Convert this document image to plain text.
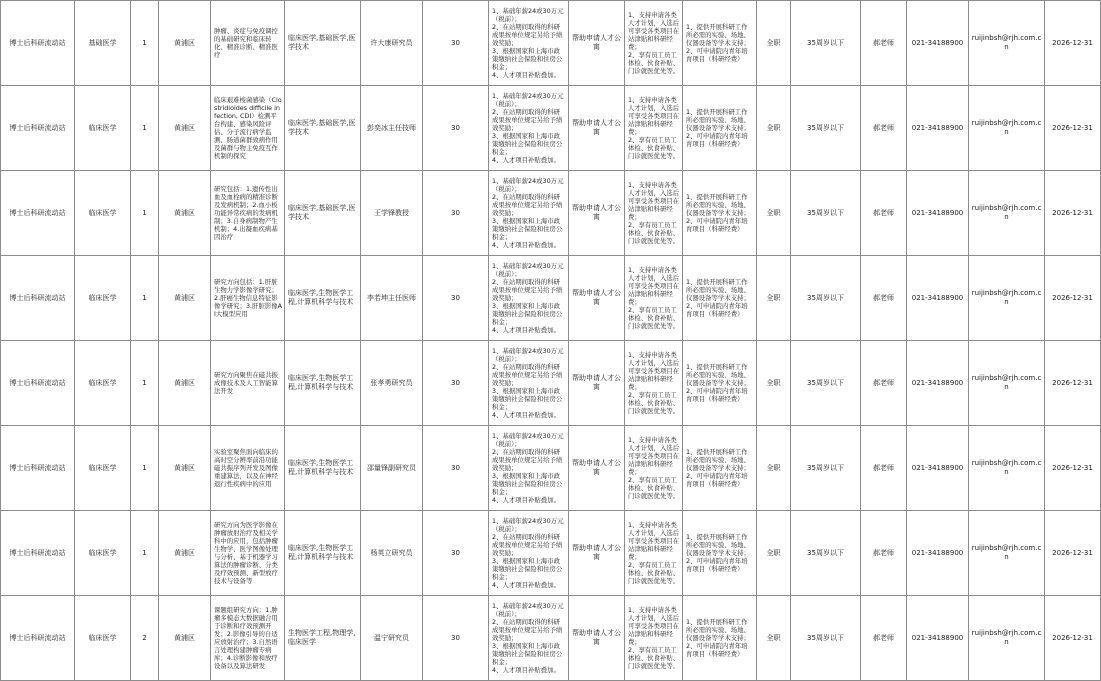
博士后科研流动站	基础医学	1	黄浦区	肿瘤、炎症与免疫调控的基础研究和临床转化、精准诊断、精准医疗	临床医学,基础医学,医学技术	许大康研究员	30	1、基础年薪24或30万元（税前）；
2、在站期间取得的科研成果按单位规定另给予绩效奖励；
3、根据国家和上海市政策缴纳社会保险和住房公积金；
4、人才项目补贴叠加。	帮助申请人才公寓	1、支持申请各类人才计划，入选后可享受各类项目在站津贴和科研经费；
2、享有员工员工体检、伙食补贴、门诊就医优先等。	1、提供开展科研工作所必需的实验、场地、仪器设备等学术支持；
2、可申请院内青年培育项目（科研经费）	全职	35周岁以下	郝老师	021-34188900	ruijinbsh@rjh.com.cn	2026-12-31

博士后科研流动站	临床医学	1	黄浦区	临床艰难梭菌感染（Clostridioides difficile infection, CDI）检测平台构建、感染风险评估、分子流行病学监测、肠道菌群致病作用及菌群与物主免疫互作机制的探究	临床医学,基础医学,医学技术	彭奕冰主任技师	30	1、基础年薪24或30万元（税前）；
2、在站期间取得的科研成果按单位规定另给予绩效奖励；
3、根据国家和上海市政策缴纳社会保险和住房公积金；
4、人才项目补贴叠加。	帮助申请人才公寓	1、支持申请各类人才计划，入选后可享受各类项目在站津贴和科研经费；
2、享有员工员工体检、伙食补贴、门诊就医优先等。	1、提供开展科研工作所必需的实验、场地、仪器设备等学术支持；
2、可申请院内青年培育项目（科研经费）	全职	35周岁以下	郝老师	021-34188900	ruijinbsh@rjh.com.cn	2026-12-31

博士后科研流动站	临床医学	1	黄浦区	研究包括：1.遗传性出血及血栓病的精准诊断及发病机制；2.血小板功能异常疾病的发病机制；3.自身病制物产生机制；4.出凝血疾病基因治疗	临床医学,基础医学,医学技术	王学锋教授	30	1、基础年薪24或30万元（税前）；
2、在站期间取得的科研成果按单位规定另给予绩效奖励；
3、根据国家和上海市政策缴纳社会保险和住房公积金；
4、人才项目补贴叠加。	帮助申请人才公寓	1、支持申请各类人才计划，入选后可享受各类项目在站津贴和科研经费；
2、享有员工员工体检、伙食补贴、门诊就医优先等。	1、提供开展科研工作所必需的实验、场地、仪器设备等学术支持；
2、可申请院内青年培育项目（科研经费）	全职	35周岁以下	郝老师	021-34188900	ruijinbsh@rjh.com.cn	2026-12-31

博士后科研流动站	临床医学	1	黄浦区	研究方向包括：1.肝脏生物力学影像学研究；2.肝癌生物信息特征影像学研究；3.肝脏影像AI大模型应用	临床医学,生物医学工程,计算机科学与技术	李若坤主任医师	30	1、基础年薪24或30万元（税前）；
2、在站期间取得的科研成果按单位规定另给予绩效奖励；
3、根据国家和上海市政策缴纳社会保险和住房公积金；
4、人才项目补贴叠加。	帮助申请人才公寓	1、支持申请各类人才计划，入选后可享受各类项目在站津贴和科研经费；
2、享有员工员工体检、伙食补贴、门诊就医优先等。	1、提供开展科研工作所必需的实验、场地、仪器设备等学术支持；
2、可申请院内青年培育项目（科研经费）	全职	35周岁以下	郝老师	021-34188900	ruijinbsh@rjh.com.cn	2026-12-31

博士后科研流动站	临床医学	1	黄浦区	研究方向聚焦在磁共振成像技术及人工智能算法开发	临床医学,生物医学工程,计算机科学与技术	张孝勇研究员	30	1、基础年薪24或30万元（税前）；
2、在站期间取得的科研成果按单位规定另给予绩效奖励；
3、根据国家和上海市政策缴纳社会保险和住房公积金；
4、人才项目补贴叠加。	帮助申请人才公寓	1、支持申请各类人才计划，入选后可享受各类项目在站津贴和科研经费；
2、享有员工员工体检、伙食补贴、门诊就医优先等。	1、提供开展科研工作所必需的实验、场地、仪器设备等学术支持；
2、可申请院内青年培育项目（科研经费）	全职	35周岁以下	郝老师	021-34188900	ruijinbsh@rjh.com.cn	2026-12-31

博士后科研流动站	临床医学	1	黄浦区	实验室聚焦面向临床的高时空分辨率前沿功能磁共振序列开发及图像重建算法，以及在神经退行性疾病中的应用	临床医学,生物医学工程,计算机科学与技术	邵量锋副研究员	30	1、基础年薪24或30万元（税前）；
2、在站期间取得的科研成果按单位规定另给予绩效奖励；
3、根据国家和上海市政策缴纳社会保险和住房公积金；
4、人才项目补贴叠加。	帮助申请人才公寓	1、支持申请各类人才计划，入选后可享受各类项目在站津贴和科研经费；
2、享有员工员工体检、伙食补贴、门诊就医优先等。	1、提供开展科研工作所必需的实验、场地、仪器设备等学术支持；
2、可申请院内青年培育项目（科研经费）	全职	35周岁以下	郝老师	021-34188900	ruijinbsh@rjh.com.cn	2026-12-31

博士后科研流动站	临床医学	1	黄浦区	研究方向为医学影像在肿瘤放射治疗及相关学科中的应用，包括肿瘤生物学、医学图像处理与分析、基于机器学习算法的肿瘤诊断、分类及疗效预测、新型放疗技术与设备等	临床医学,生物医学工程,计算机科学与技术	杨英立研究员	30	1、基础年薪24或30万元（税前）；
2、在站期间取得的科研成果按单位规定另给予绩效奖励；
3、根据国家和上海市政策缴纳社会保险和住房公积金；
4、人才项目补贴叠加。	帮助申请人才公寓	1、支持申请各类人才计划，入选后可享受各类项目在站津贴和科研经费；
2、享有员工员工体检、伙食补贴、门诊就医优先等。	1、提供开展科研工作所必需的实验、场地、仪器设备等学术支持；
2、可申请院内青年培育项目（科研经费）	全职	35周岁以下	郝老师	021-34188900	ruijinbsh@rjh.com.cn	2026-12-31

博士后科研流动站	临床医学	2	黄浦区	课题组研究方向：1.肿瘤多模态大数据融合用于诊断和疗效预测开发；2.影像引导的自适应放射治疗；3.自然语言处理构建肿瘤专病库；4.诊断影像和放疗设备以及算法研发	生物医学工程,物理学,临床医学	温宁研究员	30	1、基础年薪24或30万元（税前）；
2、在站期间取得的科研成果按单位规定另给予绩效奖励；
3、根据国家和上海市政策缴纳社会保险和住房公积金；
4、人才项目补贴叠加。	帮助申请人才公寓	1、支持申请各类人才计划，入选后可享受各类项目在站津贴和科研经费；
2、享有员工员工体检、伙食补贴、门诊就医优先等。	1、提供开展科研工作所必需的实验、场地、仪器设备等学术支持；
2、可申请院内青年培育项目（科研经费）	全职	35周岁以下	郝老师	021-34188900	ruijinbsh@rjh.com.cn	2026-12-31
